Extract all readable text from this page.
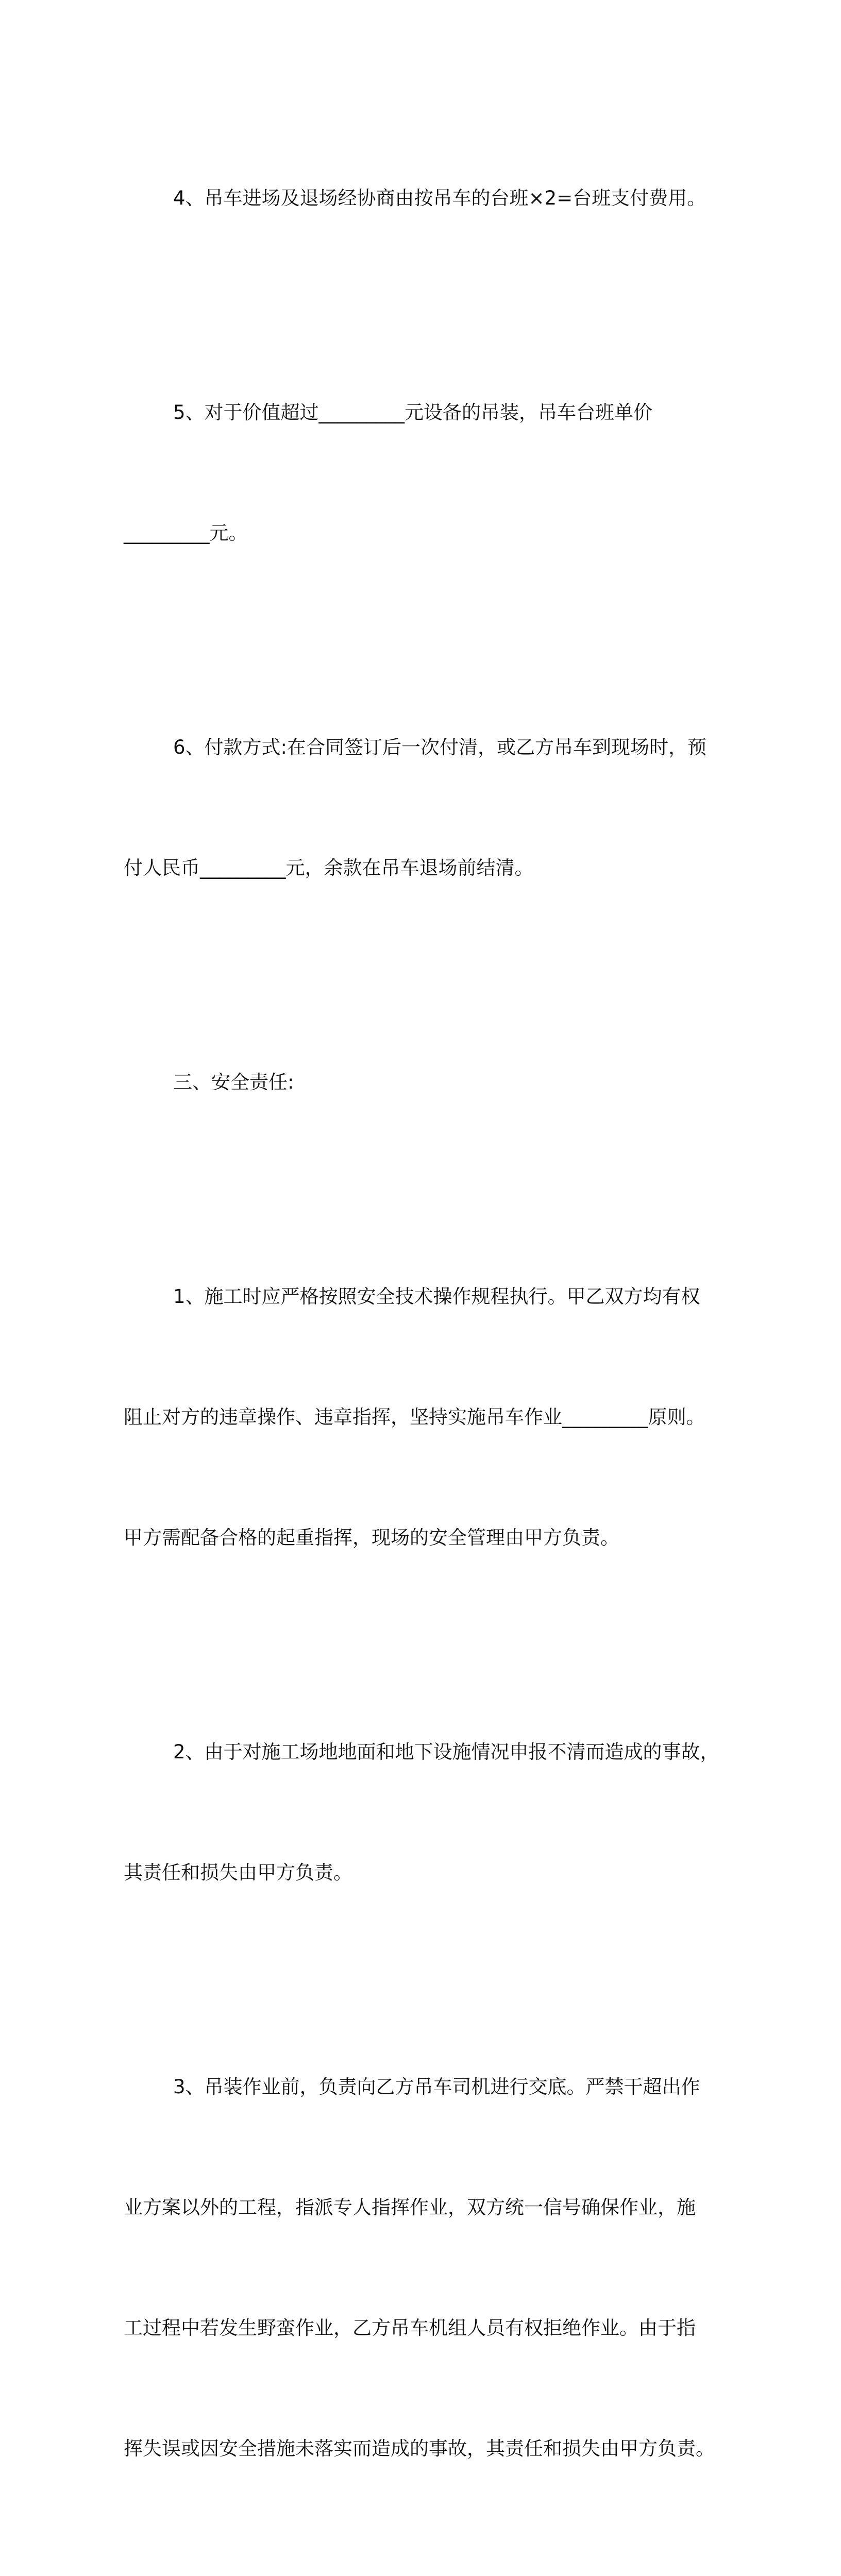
4、吊车进场及退场经协商由按吊车的台班×2=台班支付费用。

5、对于价值超过_________元设备的吊装，吊车台班单价

_________元。

6、付款方式:在合同签订后一次付清，或乙方吊车到现场时，预

付人民币_________元，余款在吊车退场前结清。

三、安全责任:

1、施工时应严格按照安全技术操作规程执行。甲乙双方均有权

阻止对方的违章操作、违章指挥，坚持实施吊车作业_________原则。

甲方需配备合格的起重指挥，现场的安全管理由甲方负责。

2、由于对施工场地地面和地下设施情况申报不清而造成的事故，

其责任和损失由甲方负责。

3、吊装作业前，负责向乙方吊车司机进行交底。严禁干超出作

业方案以外的工程，指派专人指挥作业，双方统一信号确保作业，施

工过程中若发生野蛮作业，乙方吊车机组人员有权拒绝作业。由于指

挥失误或因安全措施未落实而造成的事故，其责任和损失由甲方负责。
